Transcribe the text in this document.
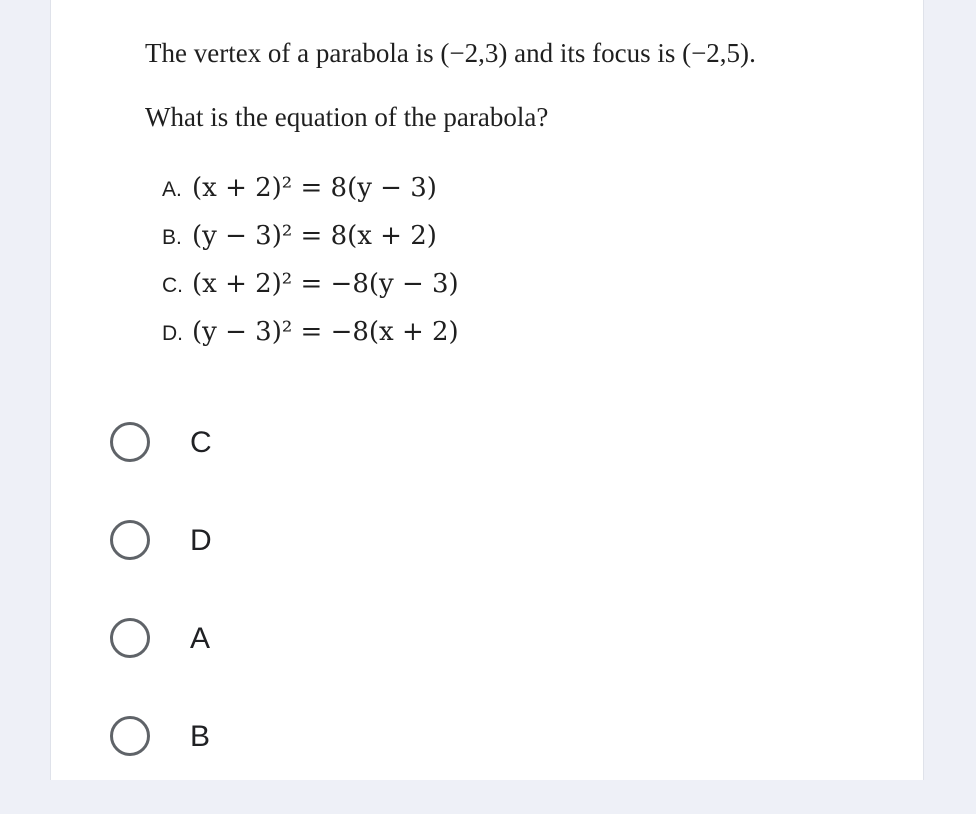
The vertex of a parabola is (−2,3) and its focus is (−2,5).
What is the equation of the parabola?
A. (x + 2)² = 8(y − 3)
B. (y − 3)² = 8(x + 2)
C. (x + 2)² = −8(y − 3)
D. (y − 3)² = −8(x + 2)
C
D
A
B
